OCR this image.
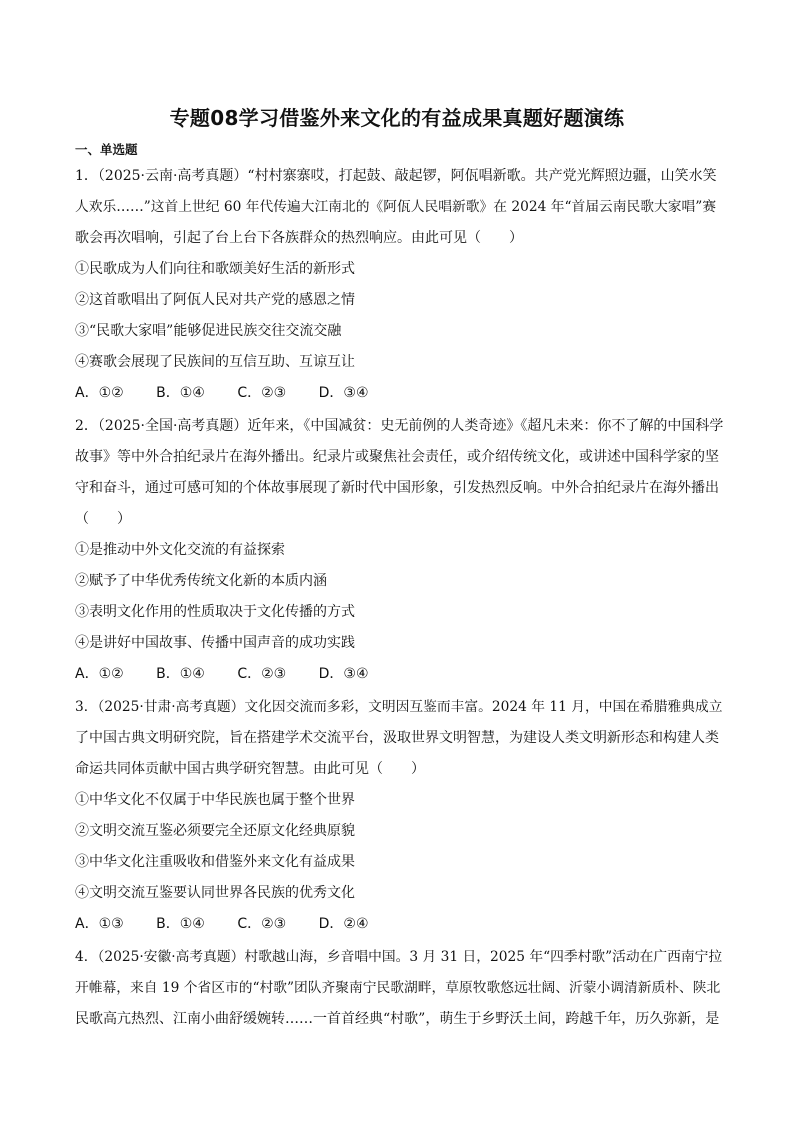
专题08学习借鉴外来文化的有益成果真题好题演练
一、单选题
1．（2025·云南·高考真题）“村村寨寨哎，打起鼓、敲起锣，阿佤唱新歌。共产党光辉照边疆，山笑水笑
人欢乐……”这首上世纪 60 年代传遍大江南北的《阿佤人民唱新歌》在 2024 年“首届云南民歌大家唱”赛
歌会再次唱响，引起了台上台下各族群众的热烈响应。由此可见（　　）
①民歌成为人们向往和歌颂美好生活的新形式
②这首歌唱出了阿佤人民对共产党的感恩之情
③“民歌大家唱”能够促进民族交往交流交融
④赛歌会展现了民族间的互信互助、互谅互让
A．①② B．①④ C．②③ D．③④
2．（2025·全国·高考真题）近年来，《中国减贫：史无前例的人类奇迹》《超凡未来：你不了解的中国科学
故事》等中外合拍纪录片在海外播出。纪录片或聚焦社会责任，或介绍传统文化，或讲述中国科学家的坚
守和奋斗，通过可感可知的个体故事展现了新时代中国形象，引发热烈反响。中外合拍纪录片在海外播出
（　　）
①是推动中外文化交流的有益探索
②赋予了中华优秀传统文化新的本质内涵
③表明文化作用的性质取决于文化传播的方式
④是讲好中国故事、传播中国声音的成功实践
A．①② B．①④ C．②③ D．③④
3．（2025·甘肃·高考真题）文化因交流而多彩，文明因互鉴而丰富。2024 年 11 月，中国在希腊雅典成立
了中国古典文明研究院，旨在搭建学术交流平台，汲取世界文明智慧，为建设人类文明新形态和构建人类
命运共同体贡献中国古典学研究智慧。由此可见（　　）
①中华文化不仅属于中华民族也属于整个世界
②文明交流互鉴必须要完全还原文化经典原貌
③中华文化注重吸收和借鉴外来文化有益成果
④文明交流互鉴要认同世界各民族的优秀文化
A．①③ B．①④ C．②③ D．②④
4．（2025·安徽·高考真题）村歌越山海，乡音唱中国。3 月 31 日，2025 年“四季村歌”活动在广西南宁拉
开帷幕，来自 19 个省区市的“村歌”团队齐聚南宁民歌湖畔，草原牧歌悠远壮阔、沂蒙小调清新质朴、陕北
民歌高亢热烈、江南小曲舒缓婉转……一首首经典“村歌”，萌生于乡野沃土间，跨越千年，历久弥新，是
